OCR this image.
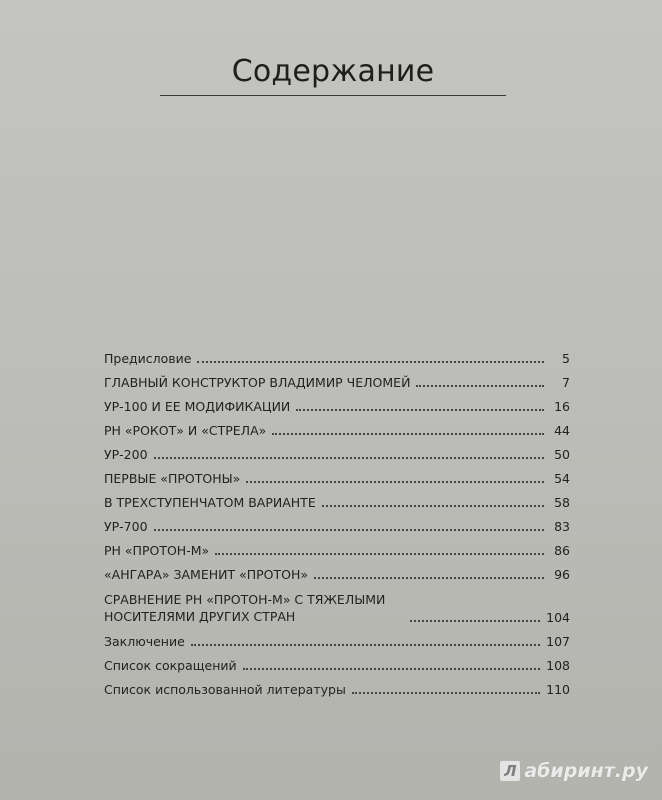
Содержание
Предисловие	5
ГЛАВНЫЙ КОНСТРУКТОР ВЛАДИМИР ЧЕЛОМЕЙ	7
УР-100 И ЕЕ МОДИФИКАЦИИ	16
РН «РОКОТ» И «СТРЕЛА»	44
УР-200	50
ПЕРВЫЕ «ПРОТОНЫ»	54
В ТРЕХСТУПЕНЧАТОМ ВАРИАНТЕ	58
УР-700	83
РН «ПРОТОН-М»	86
«АНГАРА» ЗАМЕНИТ «ПРОТОН»	96
СРАВНЕНИЕ РН «ПРОТОН-М» С ТЯЖЕЛЫМИ НОСИТЕЛЯМИ ДРУГИХ СТРАН	104
Заключение	107
Список сокращений	108
Список использованной литературы	110
Л абиринт.ру
